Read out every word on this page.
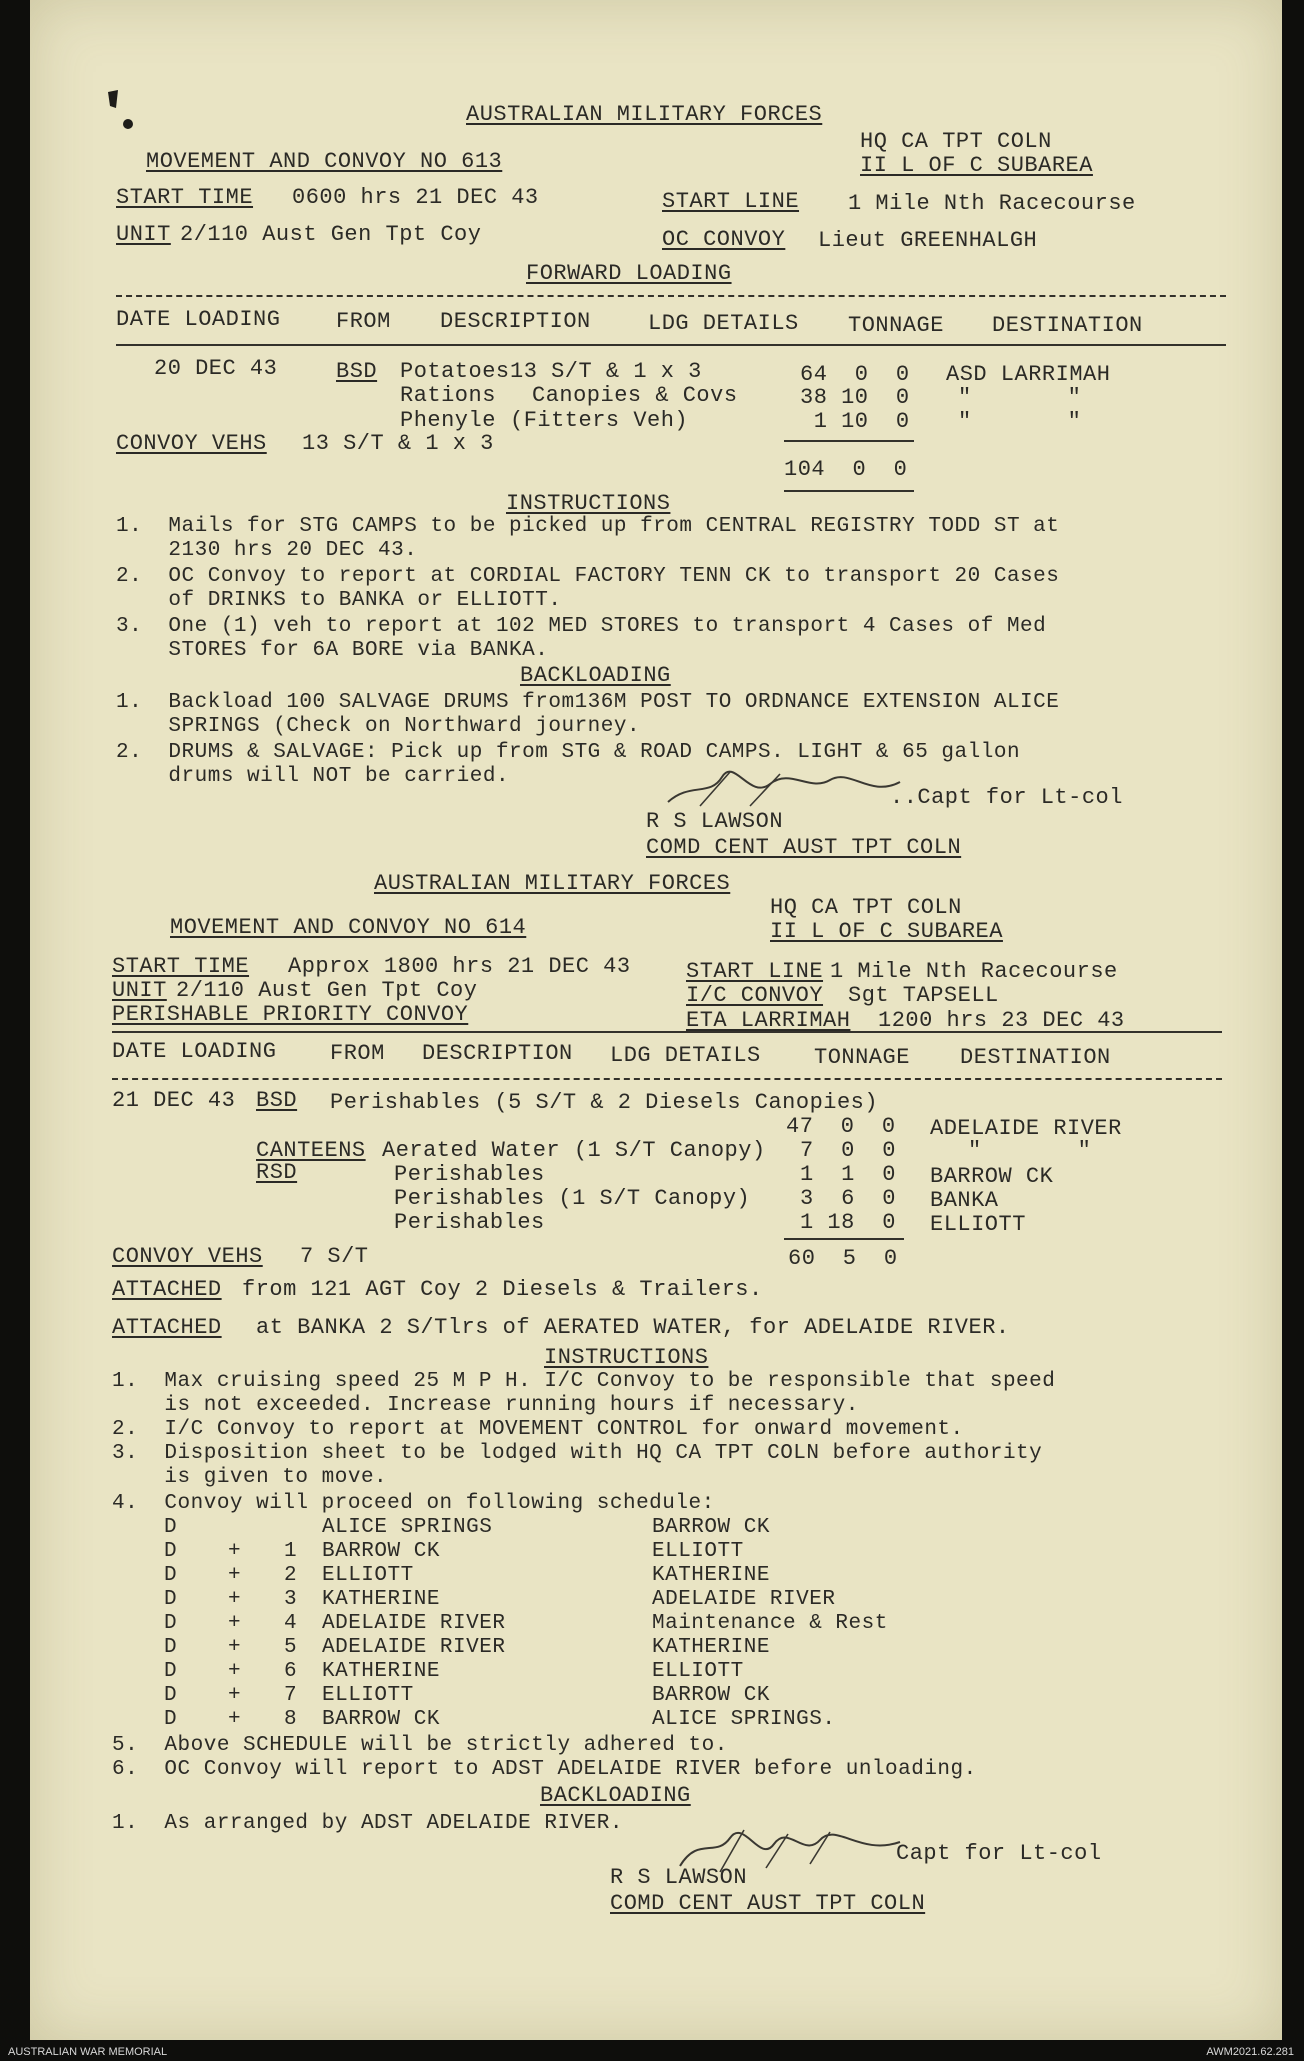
AUSTRALIAN MILITARY FORCES
HQ CA TPT COLN
II L OF C SUBAREA
MOVEMENT AND CONVOY NO 613
START TIME 0600 hrs 21 DEC 43	START LINE 1 Mile Nth Racecourse
UNIT 2/110 Aust Gen Tpt Coy	OC CONVOY Lieut GREENHALGH
FORWARD LOADING
DATE LOADING	FROM DESCRIPTION	LDG DETAILS TONNAGE DESTINATION
20 DEC 43	BSD Potatoes 13 S/T & 1 x 3	64  0  0 ASD LARRIMAH
Rations Canopies & Covs	38 10  0 "       "
Phenyle (Fitters Veh)	1 10  0 "       "
CONVOY VEHS 13 S/T & 1 x 3
104  0  0
INSTRUCTIONS
1.  Mails for STG CAMPS to be picked up from CENTRAL REGISTRY TODD ST at
2130 hrs 20 DEC 43.
2.  OC Convoy to report at CORDIAL FACTORY TENN CK to transport 20 Cases
of DRINKS to BANKA or ELLIOTT.
3.  One (1) veh to report at 102 MED STORES to transport 4 Cases of Med
STORES for 6A BORE via BANKA.
BACKLOADING
1.  Backload 100 SALVAGE DRUMS from136M POST TO ORDNANCE EXTENSION ALICE
SPRINGS (Check on Northward journey.
2.  DRUMS & SALVAGE: Pick up from STG & ROAD CAMPS. LIGHT & 65 gallon
drums will NOT be carried.
..Capt for Lt-col
R S LAWSON
COMD CENT AUST TPT COLN
AUSTRALIAN MILITARY FORCES
HQ CA TPT COLN
II L OF C SUBAREA
MOVEMENT AND CONVOY NO 614
START TIME Approx 1800 hrs 21 DEC 43	START LINE 1 Mile Nth Racecourse
UNIT 2/110 Aust Gen Tpt Coy	I/C CONVOY Sgt TAPSELL
PERISHABLE PRIORITY CONVOY	ETA LARRIMAH 1200 hrs 23 DEC 43
DATE LOADING FROM DESCRIPTION LDG DETAILS TONNAGE DESTINATION
21 DEC 43 BSD Perishables (5 S/T & 2 Diesels Canopies)
47  0  0 ADELAIDE RIVER
CANTEENS Aerated Water (1 S/T Canopy) 7  0  0	"       "
RSD	Perishables	1  1  0 BARROW CK
Perishables (1 S/T Canopy) 3  6  0 BANKA
Perishables	1 18  0 ELLIOTT
CONVOY VEHS 7 S/T	60  5  0
ATTACHED from 121 AGT Coy 2 Diesels & Trailers.
ATTACHED at BANKA 2 S/Tlrs of AERATED WATER, for ADELAIDE RIVER.
INSTRUCTIONS
1.  Max cruising speed 25 M P H. I/C Convoy to be responsible that speed
is not exceeded. Increase running hours if necessary.
2.  I/C Convoy to report at MOVEMENT CONTROL for onward movement.
3.  Disposition sheet to be lodged with HQ CA TPT COLN before authority
is given to move.
4.  Convoy will proceed on following schedule:
D	ALICE SPRINGS	BARROW CK
D + 1 BARROW CK	ELLIOTT
D + 2 ELLIOTT	KATHERINE
D + 3 KATHERINE	ADELAIDE RIVER
D + 4 ADELAIDE RIVER	Maintenance & Rest
D + 5 ADELAIDE RIVER	KATHERINE
D + 6 KATHERINE	ELLIOTT
D + 7 ELLIOTT	BARROW CK
D + 8 BARROW CK	ALICE SPRINGS.
5.  Above SCHEDULE will be strictly adhered to.
6.  OC Convoy will report to ADST ADELAIDE RIVER before unloading.
BACKLOADING
1.  As arranged by ADST ADELAIDE RIVER.
Capt for Lt-col
R S LAWSON
COMD CENT AUST TPT COLN
AUSTRALIAN WAR MEMORIAL	AWM2021.62.281
